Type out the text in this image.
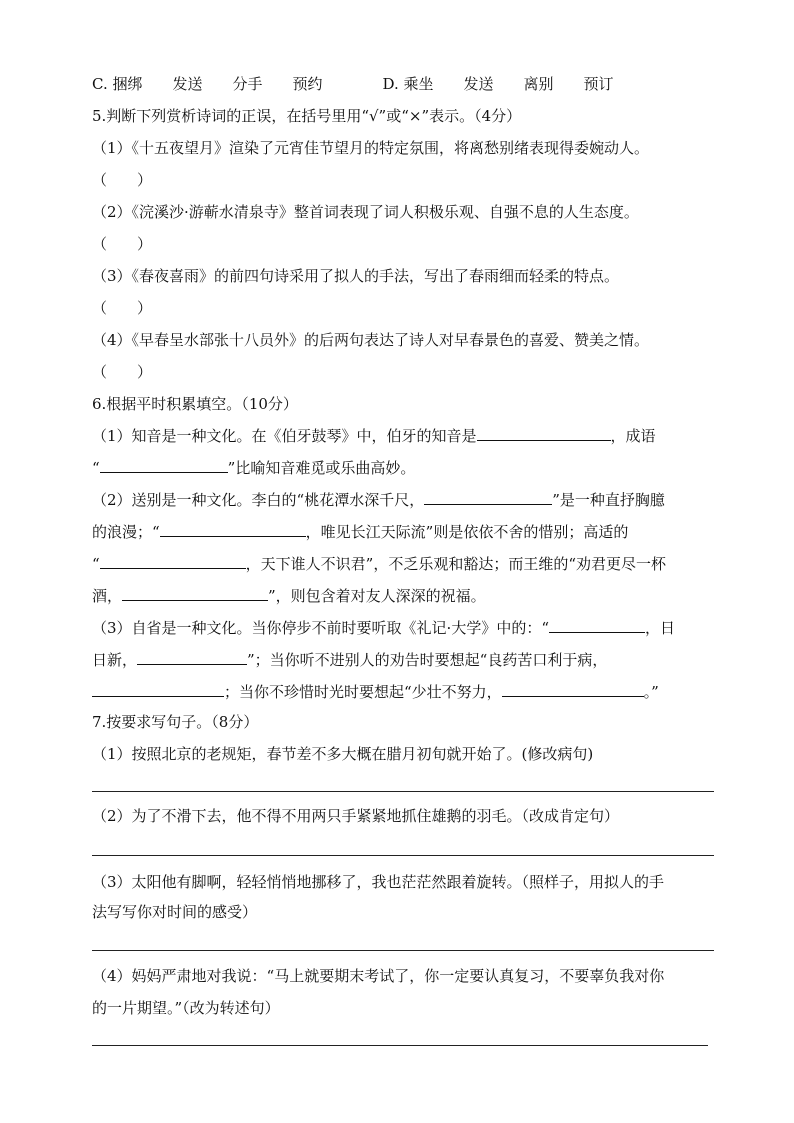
C. 捆绑　　发送　　分手　　预约	D. 乘坐　　发送　　离别　　预订
5.判断下列赏析诗词的正误，在括号里用“√”或“×”表示。（4分）
（1）《十五夜望月》渲染了元宵佳节望月的特定氛围，将离愁别绪表现得委婉动人。
（　　）
（2）《浣溪沙·游蕲水清泉寺》整首词表现了词人积极乐观、自强不息的人生态度。
（　　）
（3）《春夜喜雨》的前四句诗采用了拟人的手法，写出了春雨细而轻柔的特点。
（　　）
（4）《早春呈水部张十八员外》的后两句表达了诗人对早春景色的喜爱、赞美之情。
（　　）
6.根据平时积累填空。（10分）
（1）知音是一种文化。在《伯牙鼓琴》中，伯牙的知音是	，成语
“	”比喻知音难觅或乐曲高妙。
（2）送别是一种文化。李白的“桃花潭水深千尺，	”是一种直抒胸臆
的浪漫；“	，唯见长江天际流”则是依依不舍的惜别；高适的
“	，天下谁人不识君”，不乏乐观和豁达；而王维的“劝君更尽一杯
酒，	”，则包含着对友人深深的祝福。
（3）自省是一种文化。当你停步不前时要听取《礼记·大学》中的：“	，日
日新，	”；当你听不进别人的劝告时要想起“良药苦口利于病，
；当你不珍惜时光时要想起“少壮不努力，	。”
7.按要求写句子。（8分）
（1）按照北京的老规矩，春节差不多大概在腊月初旬就开始了。(修改病句)
（2）为了不滑下去，他不得不用两只手紧紧地抓住雄鹅的羽毛。（改成肯定句）
（3）太阳他有脚啊，轻轻悄悄地挪移了，我也茫茫然跟着旋转。（照样子，用拟人的手
法写写你对时间的感受）
（4）妈妈严肃地对我说：“马上就要期末考试了，你一定要认真复习，不要辜负我对你
的一片期望。”（改为转述句）
